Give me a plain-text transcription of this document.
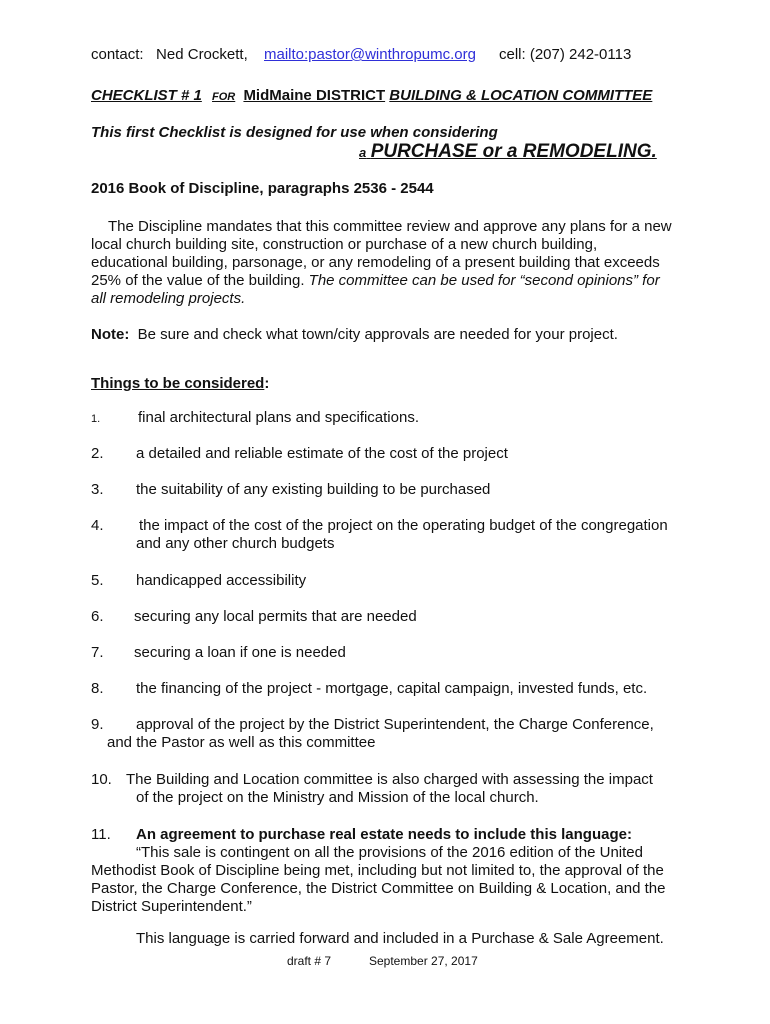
contact: Ned Crockett, mailto:pastor@winthropumc.org cell: (207) 242-0113
CHECKLIST # 1 FOR MidMaine DISTRICT BUILDING & LOCATION COMMITTEE
This first Checklist is designed for use when considering
a PURCHASE or a REMODELING.
2016 Book of Discipline, paragraphs 2536 - 2544
The Discipline mandates that this committee review and approve any plans for a new
local church building site, construction or purchase of a new church building,
educational building, parsonage, or any remodeling of a present building that exceeds
25% of the value of the building. The committee can be used for “second opinions” for
all remodeling projects.
Note: Be sure and check what town/city approvals are needed for your project.
Things to be considered:
1.	final architectural plans and specifications.
2. a detailed and reliable estimate of the cost of the project
3. the suitability of any existing building to be purchased
4. the impact of the cost of the project on the operating budget of the congregation
and any other church budgets
5. handicapped accessibility
6. securing any local permits that are needed
7. securing a loan if one is needed
8. the financing of the project - mortgage, capital campaign, invested funds, etc.
9. approval of the project by the District Superintendent, the Charge Conference,
and the Pastor as well as this committee
10. The Building and Location committee is also charged with assessing the impact
of the project on the Ministry and Mission of the local church.
11. An agreement to purchase real estate needs to include this language:
“This sale is contingent on all the provisions of the 2016 edition of the United
Methodist Book of Discipline being met, including but not limited to, the approval of the
Pastor, the Charge Conference, the District Committee on Building & Location, and the
District Superintendent.”
This language is carried forward and included in a Purchase & Sale Agreement.
draft # 7	September 27, 2017
